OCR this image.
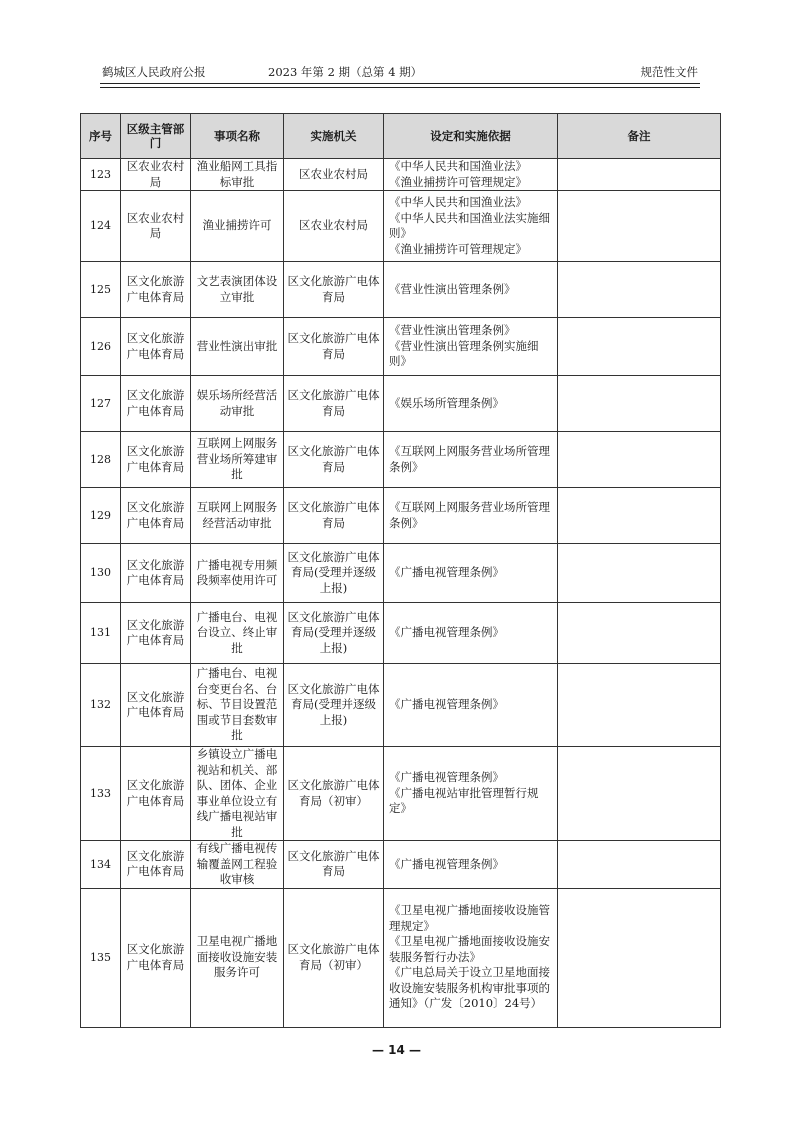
鹤城区人民政府公报	2023 年第 2 期（总第 4 期）	规范性文件
序号	区级主管部门	事项名称	实施机关	设定和实施依据	备注
123	区农业农村局	渔业船网工具指标审批	区农业农村局	《中华人民共和国渔业法》
《渔业捕捞许可管理规定》	

124	区农业农村局	渔业捕捞许可	区农业农村局	《中华人民共和国渔业法》
《中华人民共和国渔业法实施细则》
《渔业捕捞许可管理规定》	

125	区文化旅游广电体育局	文艺表演团体设立审批	区文化旅游广电体育局	《营业性演出管理条例》	

126	区文化旅游广电体育局	营业性演出审批	区文化旅游广电体育局	《营业性演出管理条例》
《营业性演出管理条例实施细则》	

127	区文化旅游广电体育局	娱乐场所经营活动审批	区文化旅游广电体育局	《娱乐场所管理条例》	

128	区文化旅游广电体育局	互联网上网服务营业场所筹建审批	区文化旅游广电体育局	《互联网上网服务营业场所管理条例》	

129	区文化旅游广电体育局	互联网上网服务经营活动审批	区文化旅游广电体育局	《互联网上网服务营业场所管理条例》	

130	区文化旅游广电体育局	广播电视专用频段频率使用许可	区文化旅游广电体育局(受理并逐级上报)	《广播电视管理条例》	

131	区文化旅游广电体育局	广播电台、电视台设立、终止审批	区文化旅游广电体育局(受理并逐级上报)	《广播电视管理条例》	

132	区文化旅游广电体育局	广播电台、电视台变更台名、台标、节目设置范围或节目套数审批	区文化旅游广电体育局(受理并逐级上报)	《广播电视管理条例》	

133	区文化旅游广电体育局	乡镇设立广播电视站和机关、部队、团体、企业事业单位设立有线广播电视站审批	区文化旅游广电体育局（初审）	《广播电视管理条例》
《广播电视站审批管理暂行规定》	

134	区文化旅游广电体育局	有线广播电视传输覆盖网工程验收审核	区文化旅游广电体育局	《广播电视管理条例》	

135	区文化旅游广电体育局	卫星电视广播地面接收设施安装服务许可	区文化旅游广电体育局（初审）	《卫星电视广播地面接收设施管理规定》
《卫星电视广播地面接收设施安装服务暂行办法》
《广电总局关于设立卫星地面接收设施安装服务机构审批事项的通知》（广发〔2010〕24号）	

— 14 —
